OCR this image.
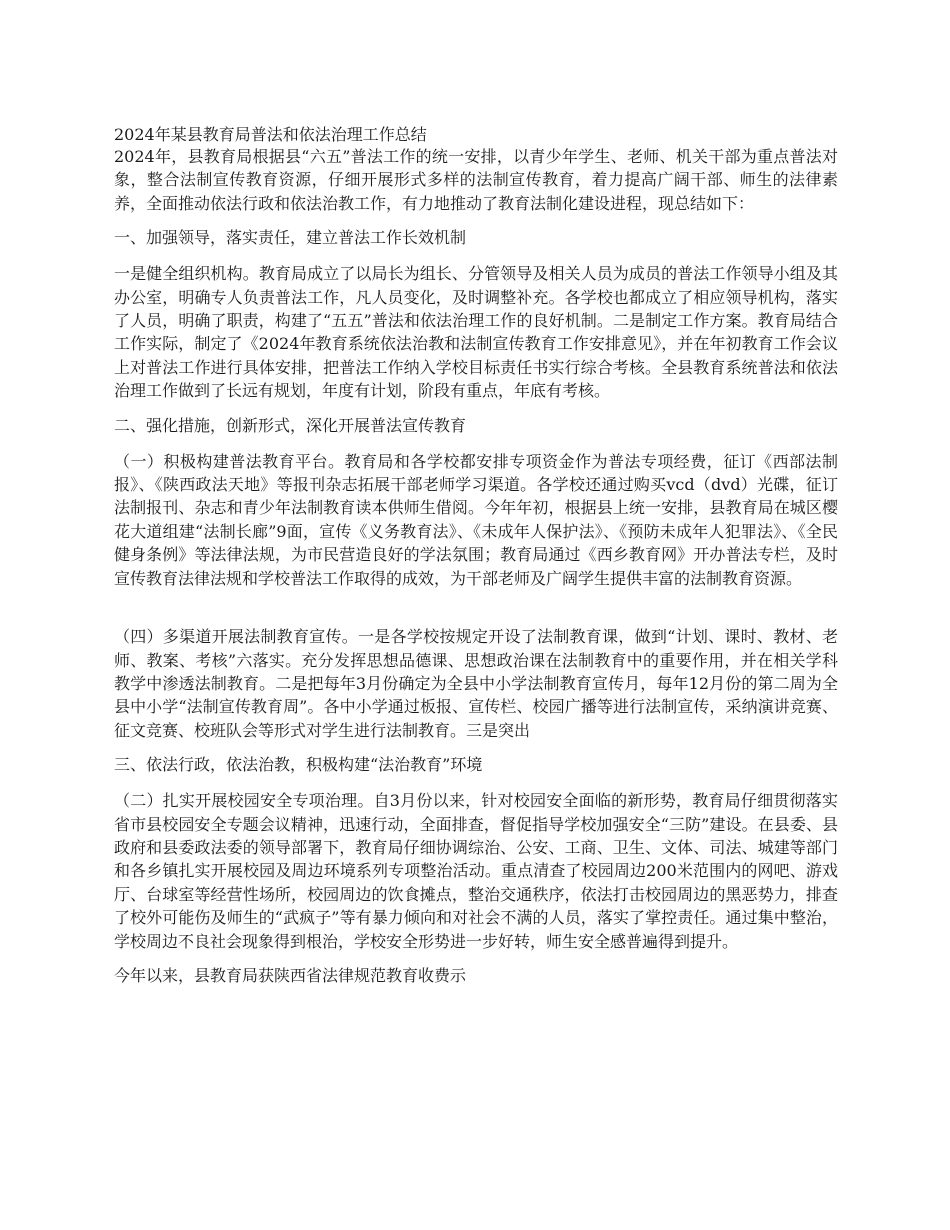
2024年某县教育局普法和依法治理工作总结

2024年，县教育局根据县“六五”普法工作的统一安排，以青少年学生、老师、机关干部为重点普法对象，整合法制宣传教育资源，仔细开展形式多样的法制宣传教育，着力提高广阔干部、师生的法律素养，全面推动依法行政和依法治教工作，有力地推动了教育法制化建设进程，现总结如下：

一、加强领导，落实责任，建立普法工作长效机制

一是健全组织机构。教育局成立了以局长为组长、分管领导及相关人员为成员的普法工作领导小组及其办公室，明确专人负责普法工作，凡人员变化，及时调整补充。各学校也都成立了相应领导机构，落实了人员，明确了职责，构建了“五五”普法和依法治理工作的良好机制。二是制定工作方案。教育局结合工作实际，制定了《2024年教育系统依法治教和法制宣传教育工作安排意见》，并在年初教育工作会议上对普法工作进行具体安排，把普法工作纳入学校目标责任书实行综合考核。全县教育系统普法和依法治理工作做到了长远有规划，年度有计划，阶段有重点，年底有考核。

二、强化措施，创新形式，深化开展普法宣传教育

（一）积极构建普法教育平台。教育局和各学校都安排专项资金作为普法专项经费，征订《西部法制报》、《陕西政法天地》等报刊杂志拓展干部老师学习渠道。各学校还通过购买vcd（dvd）光碟，征订法制报刊、杂志和青少年法制教育读本供师生借阅。今年年初，根据县上统一安排，县教育局在城区樱花大道组建“法制长廊”9面，宣传《义务教育法》、《未成年人保护法》、《预防未成年人犯罪法》、《全民健身条例》等法律法规，为市民营造良好的学法氛围；教育局通过《西乡教育网》开办普法专栏，及时宣传教育法律法规和学校普法工作取得的成效，为干部老师及广阔学生提供丰富的法制教育资源。

（四）多渠道开展法制教育宣传。一是各学校按规定开设了法制教育课，做到“计划、课时、教材、老师、教案、考核”六落实。充分发挥思想品德课、思想政治课在法制教育中的重要作用，并在相关学科教学中渗透法制教育。二是把每年3月份确定为全县中小学法制教育宣传月，每年12月份的第二周为全县中小学“法制宣传教育周”。各中小学通过板报、宣传栏、校园广播等进行法制宣传，采纳演讲竞赛、征文竞赛、校班队会等形式对学生进行法制教育。三是突出

三、依法行政，依法治教，积极构建“法治教育”环境

（二）扎实开展校园安全专项治理。自3月份以来，针对校园安全面临的新形势，教育局仔细贯彻落实省市县校园安全专题会议精神，迅速行动，全面排查，督促指导学校加强安全“三防”建设。在县委、县政府和县委政法委的领导部署下，教育局仔细协调综治、公安、工商、卫生、文体、司法、城建等部门和各乡镇扎实开展校园及周边环境系列专项整治活动。重点清查了校园周边200米范围内的网吧、游戏厅、台球室等经营性场所，校园周边的饮食摊点，整治交通秩序，依法打击校园周边的黑恶势力，排查了校外可能伤及师生的“武疯子”等有暴力倾向和对社会不满的人员，落实了掌控责任。通过集中整治，学校周边不良社会现象得到根治，学校安全形势进一步好转，师生安全感普遍得到提升。

今年以来，县教育局获陕西省法律规范教育收费示
